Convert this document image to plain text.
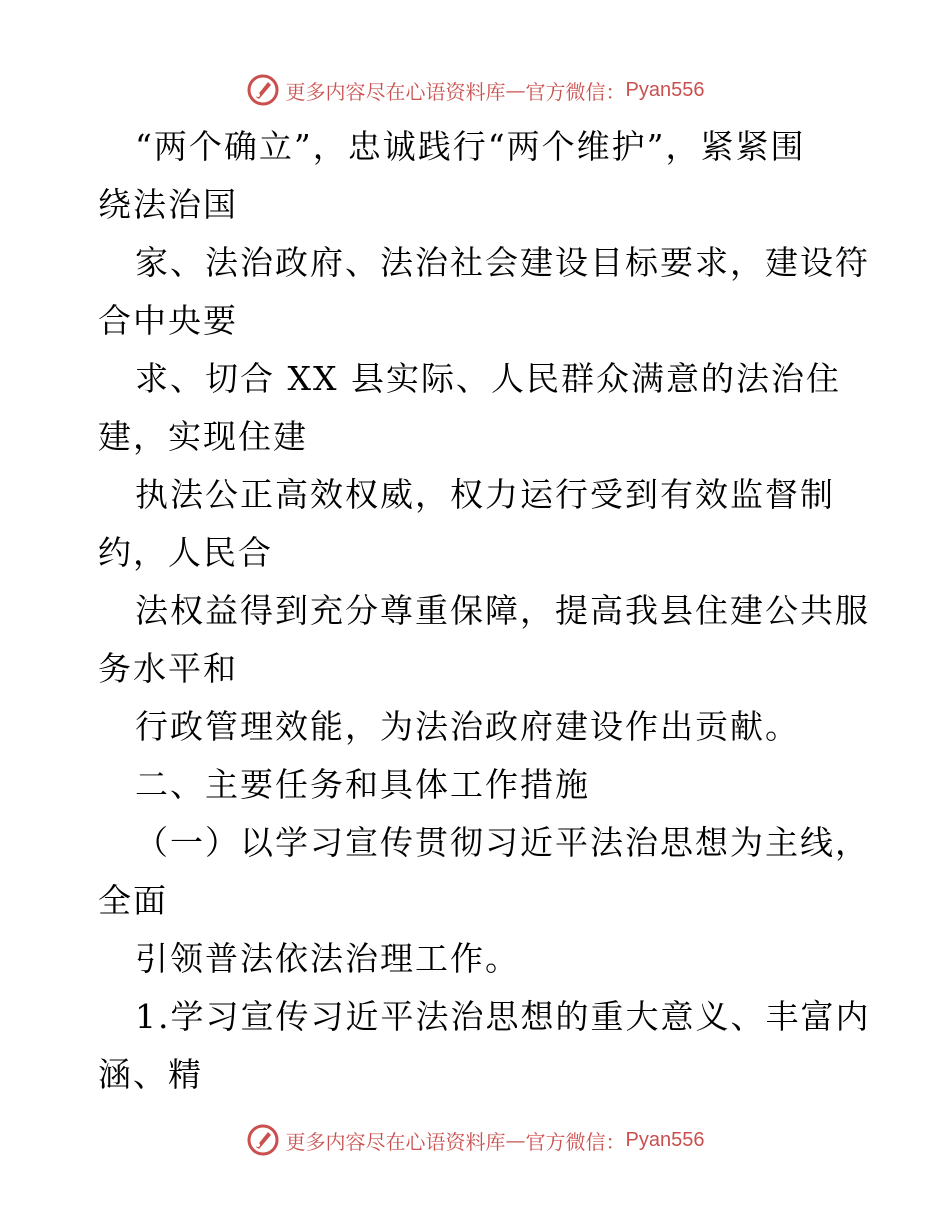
更多内容尽在心语资料库 — 官方微信： Pyan556
“两个确立”，忠诚践行“两个维护”，紧紧围
绕法治国
家、法治政府、法治社会建设目标要求，建设符
合中央要
求、切合 XX 县实际、人民群众满意的法治住
建，实现住建
执法公正高效权威，权力运行受到有效监督制
约，人民合
法权益得到充分尊重保障，提高我县住建公共服
务水平和
行政管理效能，为法治政府建设作出贡献。
二、主要任务和具体工作措施
（一）以学习宣传贯彻习近平法治思想为主线，
全面
引领普法依法治理工作。
1.学习宣传习近平法治思想的重大意义、丰富内
涵、精
更多内容尽在心语资料库 — 官方微信： Pyan556
